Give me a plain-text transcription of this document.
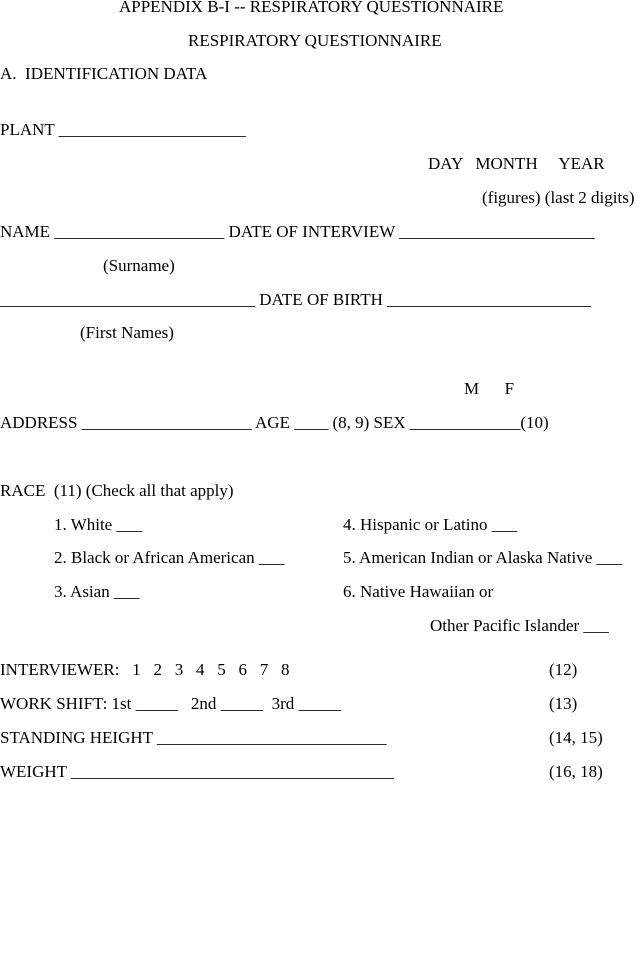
APPENDIX B-I -- RESPIRATORY QUESTIONNAIRE
RESPIRATORY QUESTIONNAIRE
A.  IDENTIFICATION DATA
PLANT ______________________
DAY   MONTH     YEAR
(figures) (last 2 digits)
NAME ____________________ DATE OF INTERVIEW _______________________
(Surname)
______________________________ DATE OF BIRTH ________________________
(First Names)
M      F
ADDRESS ____________________ AGE ____ (8, 9) SEX _____________(10)
RACE  (11) (Check all that apply)
1. White ___
2. Black or African American ___
3. Asian ___
4. Hispanic or Latino ___
5. American Indian or Alaska Native ___
6. Native Hawaiian or
Other Pacific Islander ___
INTERVIEWER:   1   2   3   4   5   6   7   8	(12)
WORK SHIFT: 1st _____   2nd _____  3rd _____	(13)
STANDING HEIGHT ___________________________	(14, 15)
WEIGHT ______________________________________	(16, 18)
